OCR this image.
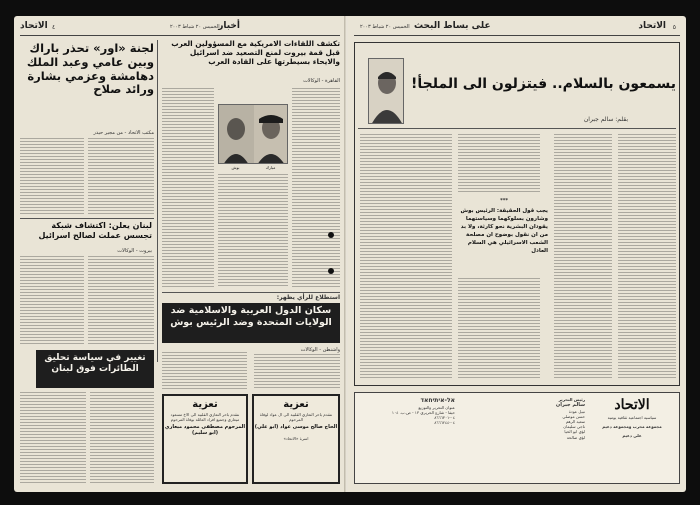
الاتحاد	الخميس ٢٠ شباط ٢٠٠٣
أخبار
٤
لجنة «اور» تحذر باراك وبين عامي وعبد الملك دهامشة وعزمي بشارة ورائد صلاح
مكتب الاتحاد - من مجير حيدر
لبنان يعلن: اكتشاف شبكة تجسس عملت لصالح اسرائيل
بيروت - الوكالات
تكشف اللقاءات الامريكية مع المسؤولين العرب قبل قمة بيروت لمنع التصعيد ضد اسرائيل والايحاء بسيطرتها على القادة العرب
القاهرة - الوكالات
بوش	مبارك
استطلاع للرأي يظهر:
سكان الدول العربية والاسلامية ضد الولايات المتحدة وضد الرئيس بوش
واشنطن - الوكالات
تغيير في سياسة تحليق الطائرات فوق لبنان
تعزية
نتقدم باحر التعازي القلبية الى الاخ مسعود ميعاري وجميع افراد العائلة بوفاة المرحوم
المرحوم مصطفى محمود ميعاري (ابو سليم)
تعزية
نتقدم باحر التعازي القلبية الى ال عواد لوفاة المرحوم
الحاج صالح موسى عواد (ابو علي)
اسرة «الاتحاد»
على بساط البحث
الخميس ٢٠ شباط ٢٠٠٣	الاتحاد ٥
يسمعون بالسلام.. فيتزلون الى الملجأ!
بقلم: سالم جبران
***
يجب قول الحقيقة: الرئيس بوش وشارون بسلوكهما وسياستهما يقودان البشرية نحو كارثة، ولا بد من ان نقول بوضوح ان مصلحة الشعب الاسرائيلي هي السلام العادل
אל-איתיחאד
عنوان التحرير والتوزيع
حيفا - شارع الحريري ١٣ - ص.ب. ١٠٤
٠٤-٨٦٦٦٣٠١
٠٤-٨٦٦٦٢٤٤
رئيس التحرير
سالم جبران
نبيل عودة
حسن موصلي
سعيد الرهم
ناجي سليمان
لؤي ابو الحيا
لؤي صالحة
الاتحاد
سياسية اجتماعية ثقافية يومية
مجموعة محرب ومجموعة دعيم
علي دعيم
